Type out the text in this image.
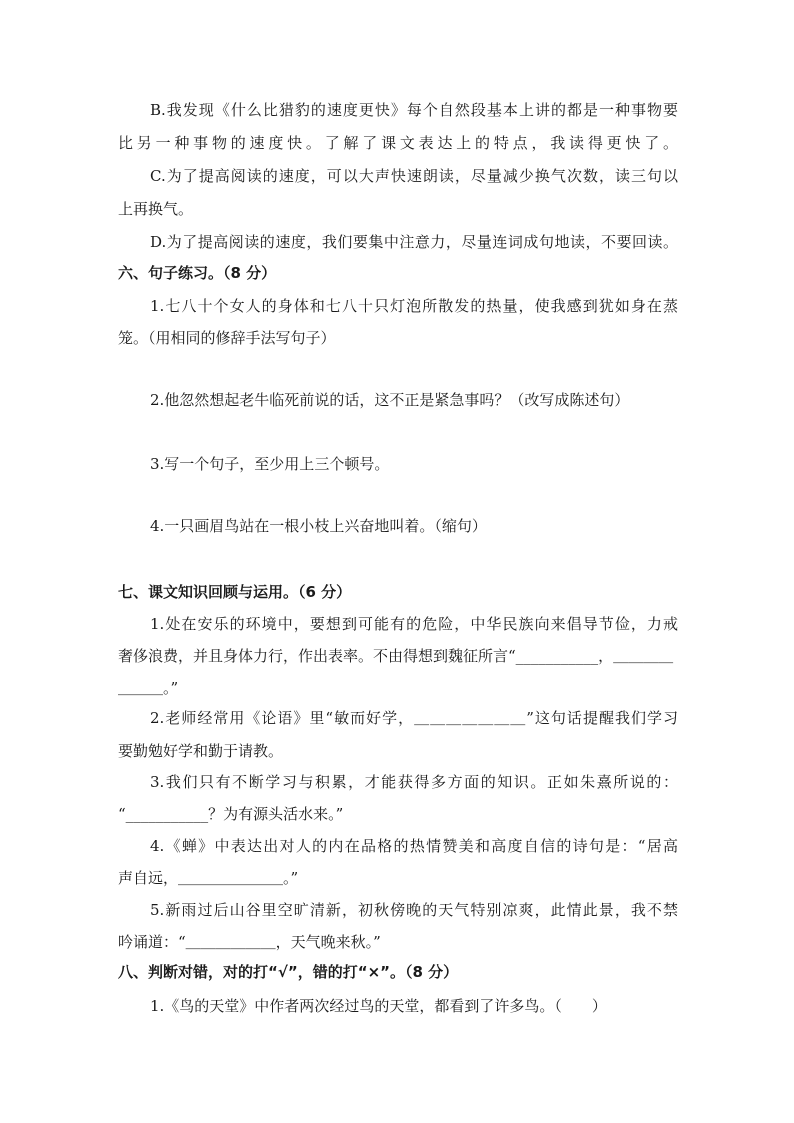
B.我发现《什么比猎豹的速度更快》每个自然段基本上讲的都是一种事物要

比另一种事物的速度快。了解了课文表达上的特点，我读得更快了。

C.为了提高阅读的速度，可以大声快速朗读，尽量减少换气次数，读三句以

上再换气。

D.为了提高阅读的速度，我们要集中注意力，尽量连词成句地读，不要回读。

六、句子练习。（8 分）

1.七八十个女人的身体和七八十只灯泡所散发的热量，使我感到犹如身在蒸

笼。（用相同的修辞手法写句子）

2.他忽然想起老牛临死前说的话，这不正是紧急事吗？（改写成陈述句）

3.写一个句子，至少用上三个顿号。

4.一只画眉鸟站在一根小枝上兴奋地叫着。（缩句）

七、课文知识回顾与运用。（6 分）

1.处在安乐的环境中，要想到可能有的危险，中华民族向来倡导节俭，力戒

奢侈浪费，并且身体力行，作出表率。不由得想到魏征所言“___________，＿＿＿＿

＿＿＿。”

2.老师经常用《论语》里“敏而好学，＿＿＿＿＿＿＿”这句话提醒我们学习

要勤勉好学和勤于请教。

3.我们只有不断学习与积累，才能获得多方面的知识。正如朱熹所说的：

“___________？为有源头活水来。”

4.《蝉》中表达出对人的内在品格的热情赞美和高度自信的诗句是：“居高

声自远，＿＿＿＿＿＿＿。”

5.新雨过后山谷里空旷清新，初秋傍晚的天气特别凉爽，此情此景，我不禁

吟诵道：“＿＿＿＿＿＿，天气晚来秋。”

八、判断对错，对的打“√”，错的打“×”。（8 分）

1.《鸟的天堂》中作者两次经过鸟的天堂，都看到了许多鸟。（　　）
